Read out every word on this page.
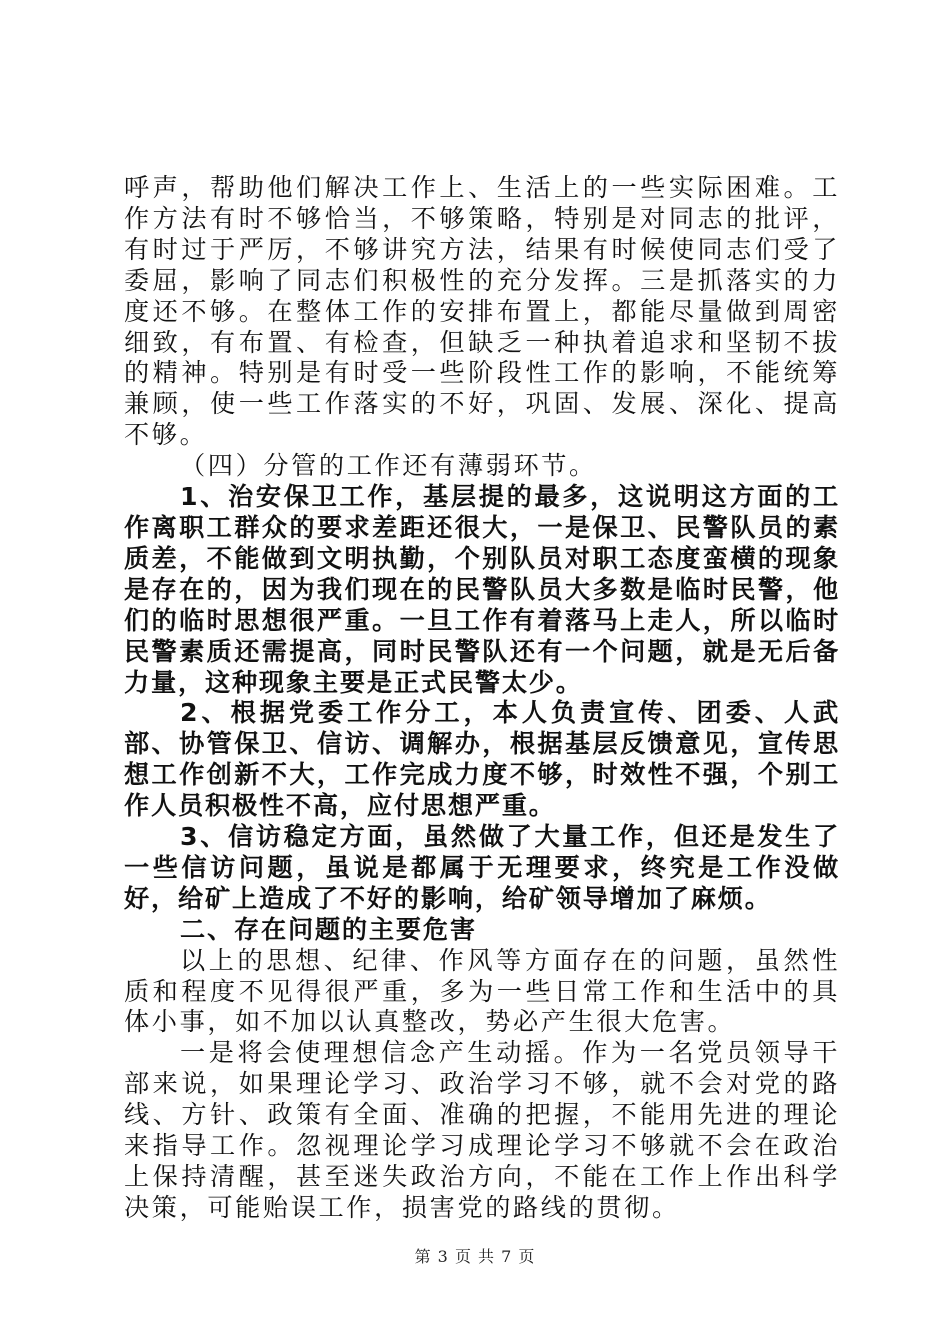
呼声，帮助他们解决工作上、生活上的一些实际困难。工作方法有时不够恰当，不够策略，特别是对同志的批评，有时过于严厉，不够讲究方法，结果有时候使同志们受了委屈，影响了同志们积极性的充分发挥。三是抓落实的力度还不够。在整体工作的安排布置上，都能尽量做到周密细致，有布置、有检查，但缺乏一种执着追求和坚韧不拔的精神。特别是有时受一些阶段性工作的影响，不能统筹兼顾，使一些工作落实的不好，巩固、发展、深化、提高不够。

（四）分管的工作还有薄弱环节。

1、治安保卫工作，基层提的最多，这说明这方面的工作离职工群众的要求差距还很大，一是保卫、民警队员的素质差，不能做到文明执勤，个别队员对职工态度蛮横的现象是存在的，因为我们现在的民警队员大多数是临时民警，他们的临时思想很严重。一旦工作有着落马上走人，所以临时民警素质还需提高，同时民警队还有一个问题，就是无后备力量，这种现象主要是正式民警太少。

2、根据党委工作分工，本人负责宣传、团委、人武部、协管保卫、信访、调解办，根据基层反馈意见，宣传思想工作创新不大，工作完成力度不够，时效性不强，个别工作人员积极性不高，应付思想严重。

3、信访稳定方面，虽然做了大量工作，但还是发生了一些信访问题，虽说是都属于无理要求，终究是工作没做好，给矿上造成了不好的影响，给矿领导增加了麻烦。

二、存在问题的主要危害

以上的思想、纪律、作风等方面存在的问题，虽然性质和程度不见得很严重，多为一些日常工作和生活中的具体小事，如不加以认真整改，势必产生很大危害。

一是将会使理想信念产生动摇。作为一名党员领导干部来说，如果理论学习、政治学习不够，就不会对党的路线、方针、政策有全面、准确的把握，不能用先进的理论来指导工作。忽视理论学习成理论学习不够就不会在政治上保持清醒，甚至迷失政治方向，不能在工作上作出科学决策，可能贻误工作，损害党的路线的贯彻。

第 3 页 共 7 页
